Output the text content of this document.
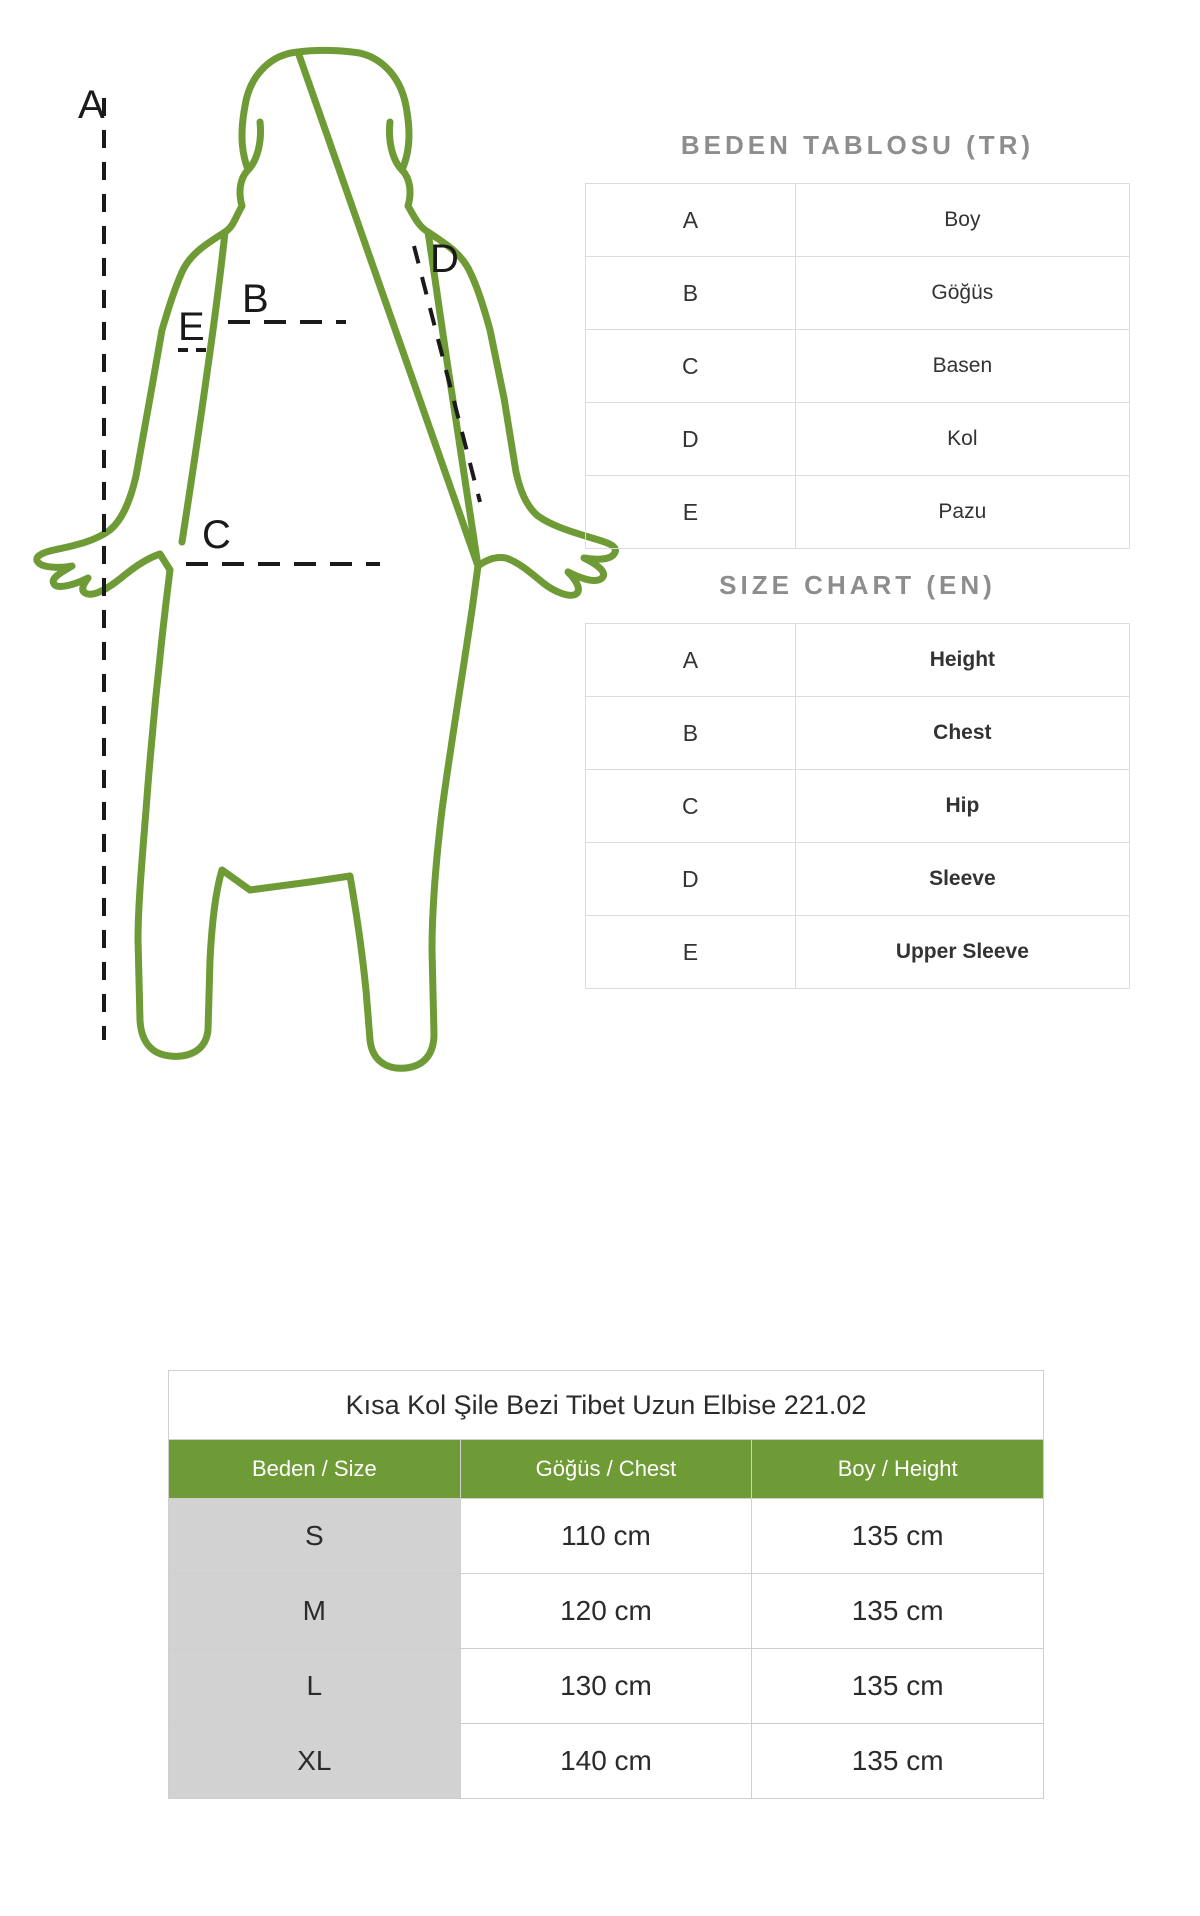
A
B
C
D
E
BEDEN TABLOSU (TR)
A	Boy
B	Göğüs
C	Basen
D	Kol
E	Pazu
SIZE CHART (EN)
A	Height
B	Chest
C	Hip
D	Sleeve
E	Upper Sleeve
Kısa Kol Şile Bezi Tibet Uzun Elbise 221.02		
Beden / Size	Göğüs / Chest	Boy / Height
S	110 cm	135 cm
M	120 cm	135 cm
L	130 cm	135 cm
XL	140 cm	135 cm
